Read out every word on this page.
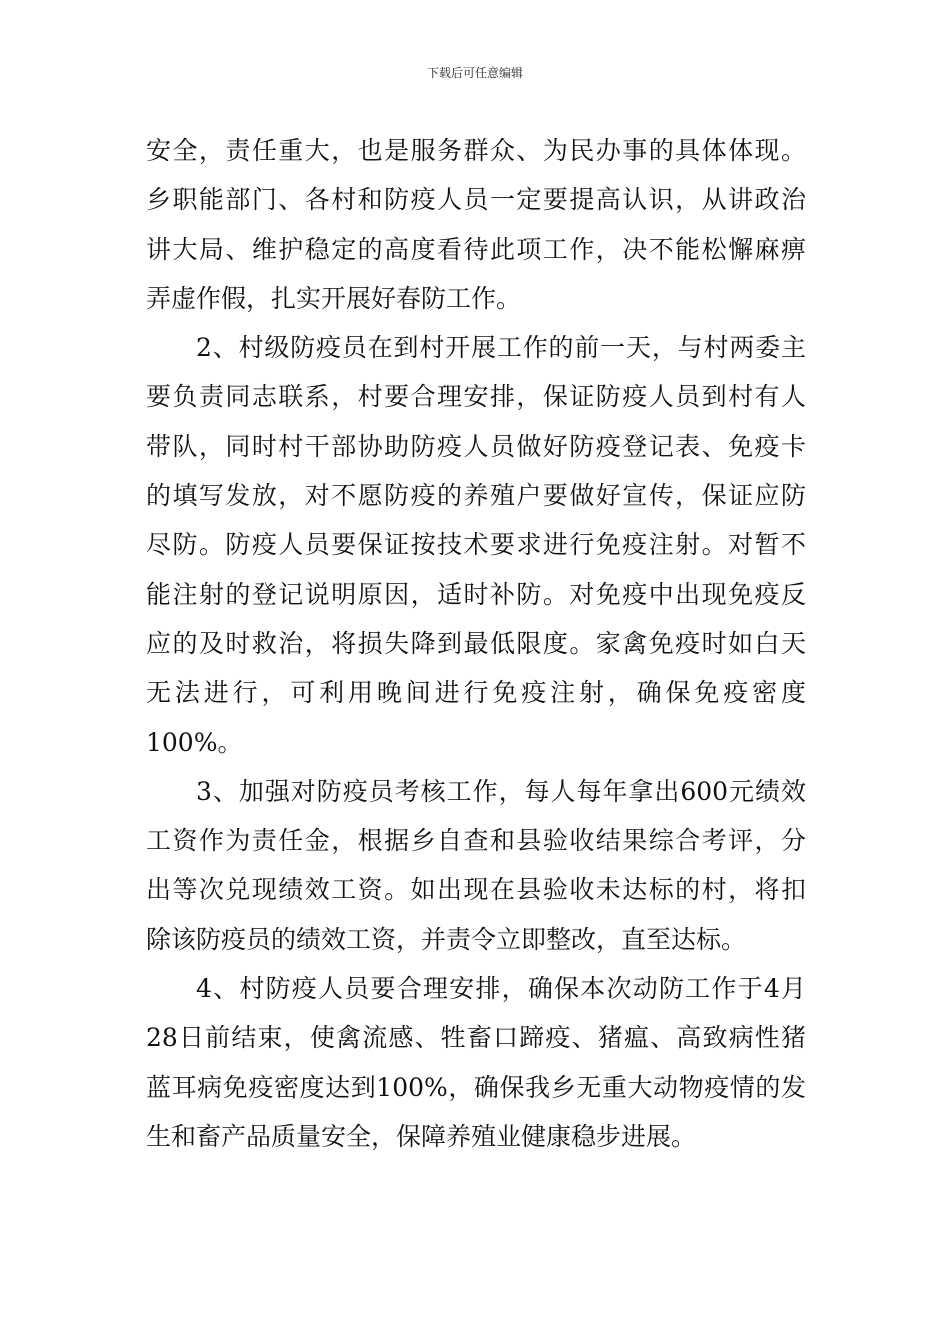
下载后可任意编辑
安全，责任重大，也是服务群众、为民办事的具体体现。
乡职能部门、各村和防疫人员一定要提高认识，从讲政治
讲大局、维护稳定的高度看待此项工作，决不能松懈麻痹
弄虚作假，扎实开展好春防工作。
2、村级防疫员在到村开展工作的前一天，与村两委主
要负责同志联系，村要合理安排，保证防疫人员到村有人
带队，同时村干部协助防疫人员做好防疫登记表、免疫卡
的填写发放，对不愿防疫的养殖户要做好宣传，保证应防
尽防。防疫人员要保证按技术要求进行免疫注射。对暂不
能注射的登记说明原因，适时补防。对免疫中出现免疫反
应的及时救治，将损失降到最低限度。家禽免疫时如白天
无法进行，可利用晚间进行免疫注射，确保免疫密度
100%。
3、加强对防疫员考核工作，每人每年拿出600元绩效
工资作为责任金，根据乡自查和县验收结果综合考评，分
出等次兑现绩效工资。如出现在县验收未达标的村，将扣
除该防疫员的绩效工资，并责令立即整改，直至达标。
4、村防疫人员要合理安排，确保本次动防工作于4月
28日前结束，使禽流感、牲畜口蹄疫、猪瘟、高致病性猪
蓝耳病免疫密度达到100%，确保我乡无重大动物疫情的发
生和畜产品质量安全，保障养殖业健康稳步进展。
